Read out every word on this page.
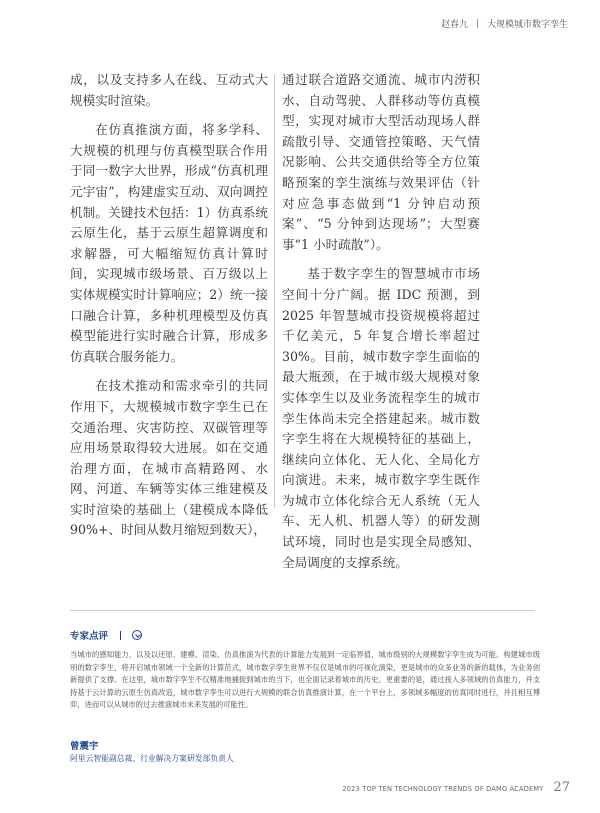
赵春九 大规模城市数字孪生

成，以及支持多人在线、互动式大规模实时渲染。

在仿真推演方面，将多学科、大规模的机理与仿真模型联合作用于同一数字大世界，形成“仿真机理元宇宙”，构建虚实互动、双向调控机制。关键技术包括：1）仿真系统云原生化，基于云原生超算调度和求解器，可大幅缩短仿真计算时间，实现城市级场景、百万级以上实体规模实时计算响应；2）统一接口融合计算，多种机理模型及仿真模型能进行实时融合计算，形成多仿真联合服务能力。

在技术推动和需求牵引的共同作用下，大规模城市数字孪生已在交通治理、灾害防控、双碳管理等应用场景取得较大进展。如在交通治理方面，在城市高精路网、水网、河道、车辆等实体三维建模及实时渲染的基础上（建模成本降低 90%+、时间从数月缩短到数天），

通过联合道路交通流、城市内涝积水、自动驾驶、人群移动等仿真模型，实现对城市大型活动现场人群疏散引导、交通管控策略、天气情况影响、公共交通供给等全方位策略预案的孪生演练与效果评估（针对应急事态做到“1 分钟启动预案”、“5 分钟到达现场”；大型赛事“1 小时疏散”）。

基于数字孪生的智慧城市市场空间十分广阔。据 IDC 预测，到 2025 年智慧城市投资规模将超过千亿美元，5 年复合增长率超过 30%。目前，城市数字孪生面临的最大瓶颈，在于城市级大规模对象实体孪生以及业务流程孪生的城市孪生体尚未完全搭建起来。城市数字孪生将在大规模特征的基础上，继续向立体化、无人化、全局化方向演进。未来，城市数字孪生既作为城市立体化综合无人系统（无人车、无人机、机器人等）的研发测试环境，同时也是实现全局感知、全局调度的支撑系统。

专家点评
当城市的感知能力，以及以还原、建模、渲染、仿真推演为代表的计算能力发展到一定临界值，城市级别的大规模数字孪生成为可能。构建城市级别的数字孪生，将开启城市领域一个全新的计算范式，城市数字孪生世界不仅仅是城市的可视化演染，更是城市的众多业务的新的载体，为业务创新提供了支撑。在这里，城市数字孪生不仅精准地捕捉到城市的当下，也全面记录着城市的历史。更重要的是，通过接入多领域的仿真能力，并支持基于云计算的云原生仿真改造，城市数字孪生可以进行大规模的联合仿真推演计算，在一个平台上，多领域多幅度的仿真同时进行，并且相互博弈，进而可以从城市的过去推演城市未来发展的可能性。
曾震宇
阿里云智能副总裁、行业解决方案研发部负责人
2023 TOP TEN TECHNOLOGY TRENDS OF DAMO ACADEMY 27
